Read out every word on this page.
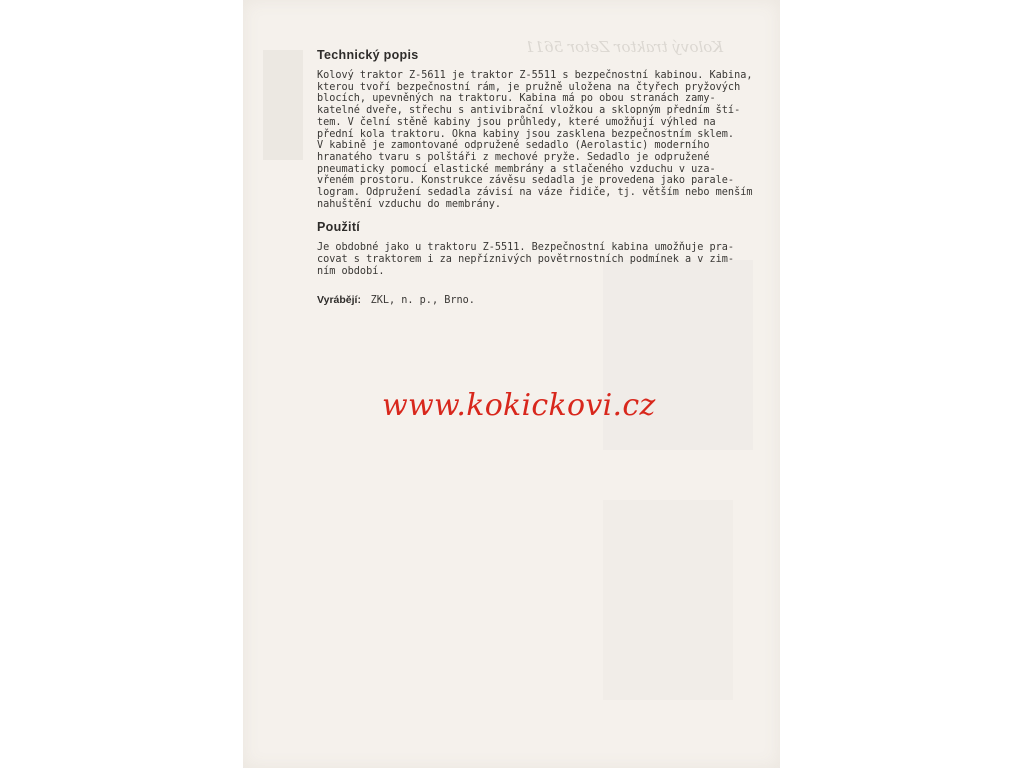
Kolový traktor Zetor 5611
Technický popis

Kolový traktor Z-5611 je traktor Z-5511 s bezpečnostní kabinou. Kabina,

kterou tvoří bezpečnostní rám, je pružně uložena na čtyřech pryžových

blocích, upevněných na traktoru. Kabina má po obou stranách zamy-

katelné dveře, střechu s antivibrační vložkou a sklopným předním ští-

tem. V čelní stěně kabiny jsou průhledy, které umožňují výhled na

přední kola traktoru. Okna kabiny jsou zasklena bezpečnostním sklem.

V kabině je zamontované odpružené sedadlo (Aerolastic) moderního

hranatého tvaru s polštáři z mechové pryže. Sedadlo je odpružené

pneumaticky pomocí elastické membrány a stlačeného vzduchu v uza-

vřeném prostoru. Konstrukce závěsu sedadla je provedena jako parale-

logram. Odpružení sedadla závisí na váze řidiče, tj. větším nebo menším

nahuštění vzduchu do membrány.

Použití

Je obdobné jako u traktoru Z-5511. Bezpečnostní kabina umožňuje pra-

covat s traktorem i za nepříznivých povětrnostních podmínek a v zim-

ním období.

Vyrábějí: ZKL, n. p., Brno.
www.kokickovi.cz
